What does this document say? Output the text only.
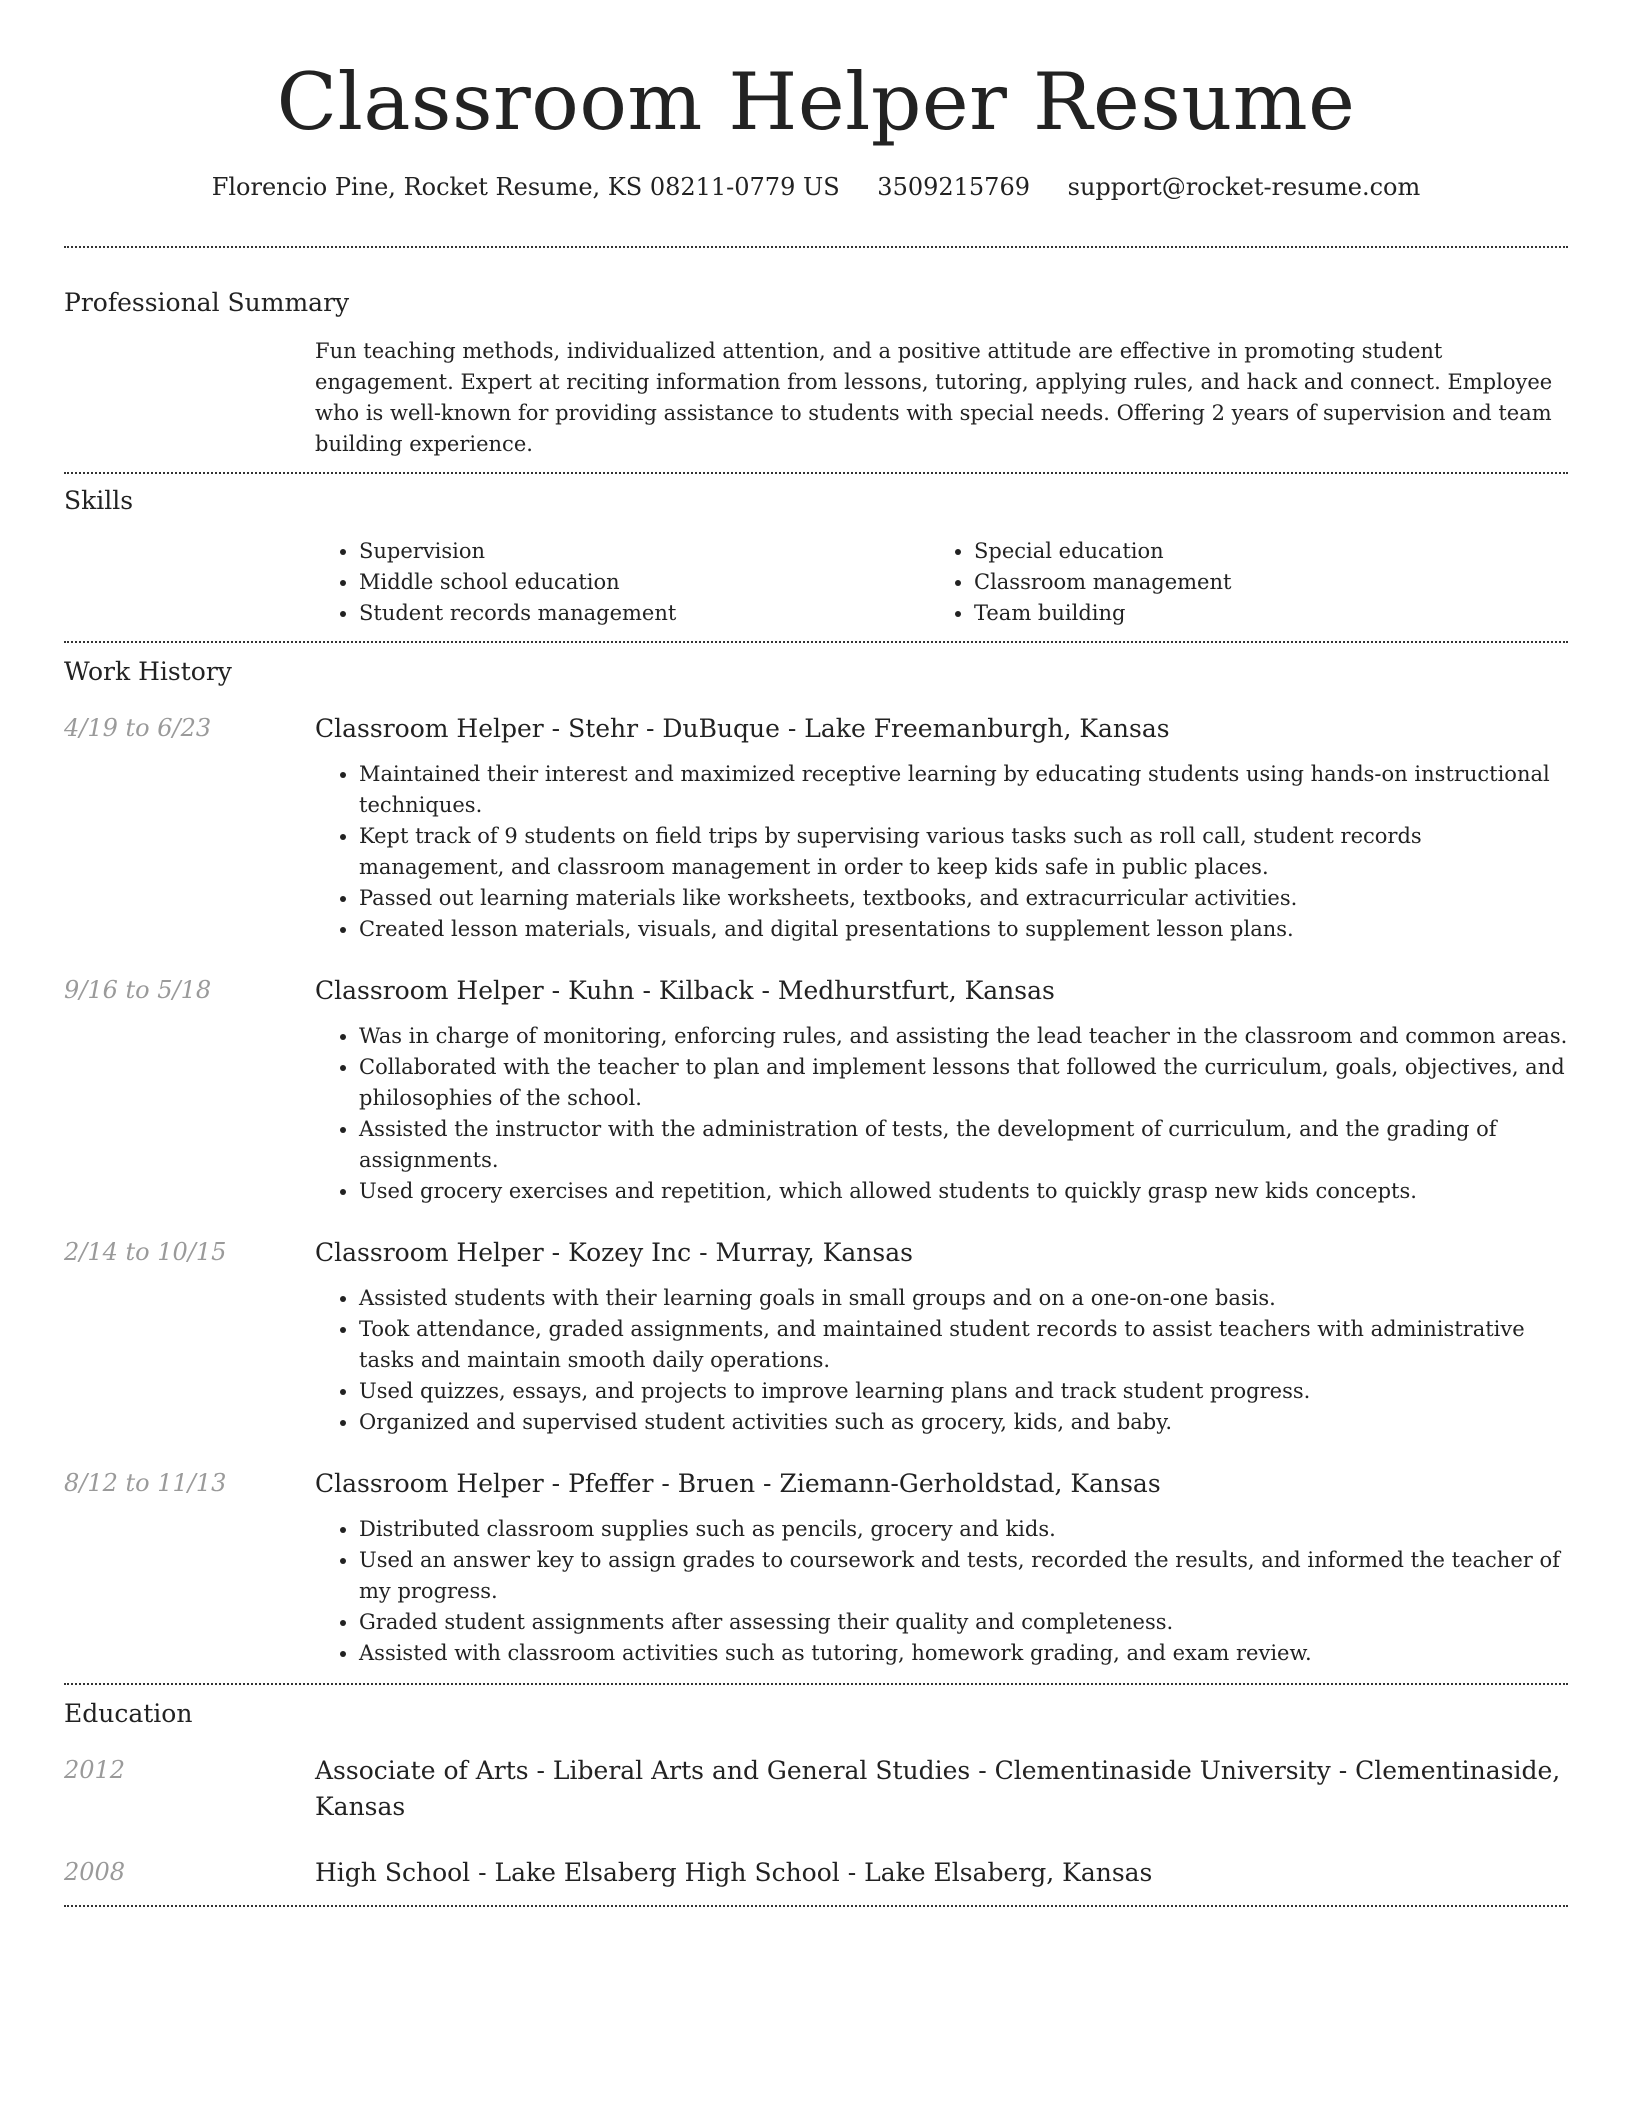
Classroom Helper Resume
Florencio Pine, Rocket Resume, KS 08211-0779 US 3509215769 support@rocket-resume.com
Professional Summary

Fun teaching methods, individualized attention, and a positive attitude are effective in promoting student engagement. Expert at reciting information from lessons, tutoring, applying rules, and hack and connect. Employee who is well-known for providing assistance to students with special needs. Offering 2 years of supervision and team building experience.

Skills
• Supervision
• Middle school education
• Student records management
• Special education
• Classroom management
• Team building
Work History
4/19 to 6/23	Classroom Helper - Stehr - DuBuque - Lake Freemanburgh, Kansas
• Maintained their interest and maximized receptive learning by educating students using hands-on instructional techniques.
• Kept track of 9 students on field trips by supervising various tasks such as roll call, student records management, and classroom management in order to keep kids safe in public places.
• Passed out learning materials like worksheets, textbooks, and extracurricular activities.
• Created lesson materials, visuals, and digital presentations to supplement lesson plans.
9/16 to 5/18	Classroom Helper - Kuhn - Kilback - Medhurstfurt, Kansas
• Was in charge of monitoring, enforcing rules, and assisting the lead teacher in the classroom and common areas.
• Collaborated with the teacher to plan and implement lessons that followed the curriculum, goals, objectives, and philosophies of the school.
• Assisted the instructor with the administration of tests, the development of curriculum, and the grading of assignments.
• Used grocery exercises and repetition, which allowed students to quickly grasp new kids concepts.
2/14 to 10/15	Classroom Helper - Kozey Inc - Murray, Kansas
• Assisted students with their learning goals in small groups and on a one-on-one basis.
• Took attendance, graded assignments, and maintained student records to assist teachers with administrative tasks and maintain smooth daily operations.
• Used quizzes, essays, and projects to improve learning plans and track student progress.
• Organized and supervised student activities such as grocery, kids, and baby.
8/12 to 11/13	Classroom Helper - Pfeffer - Bruen - Ziemann-Gerholdstad, Kansas
• Distributed classroom supplies such as pencils, grocery and kids.
• Used an answer key to assign grades to coursework and tests, recorded the results, and informed the teacher of my progress.
• Graded student assignments after assessing their quality and completeness.
• Assisted with classroom activities such as tutoring, homework grading, and exam review.
Education
2012	Associate of Arts - Liberal Arts and General Studies - Clementinaside University - Clementinaside, Kansas
2008	High School - Lake Elsaberg High School - Lake Elsaberg, Kansas
